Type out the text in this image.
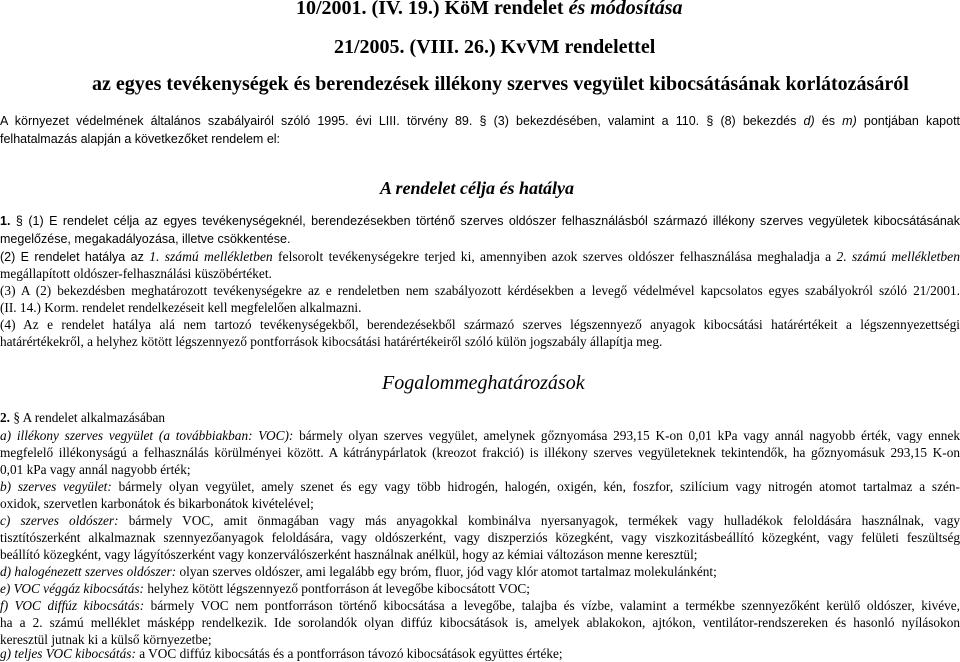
10/2001. (IV. 19.) KöM rendelet és módosítása
21/2005. (VIII. 26.) KvVM rendelettel
az egyes tevékenységek és berendezések illékony szerves vegyület kibocsátásának korlátozásáról
A környezet védelmének általános szabályairól szóló 1995. évi LIII. törvény 89. § (3) bekezdésében, valamint a 110. § (8) bekezdés d) és m) pontjában kapott
felhatalmazás alapján a következőket rendelem el:
A rendelet célja és hatálya
1. § (1) E rendelet célja az egyes tevékenységeknél, berendezésekben történő szerves oldószer felhasználásból származó illékony szerves vegyületek kibocsátásának
megelőzése, megakadályozása, illetve csökkentése.
(2) E rendelet hatálya az 1. számú mellékletben felsorolt tevékenységekre terjed ki, amennyiben azok szerves oldószer felhasználása meghaladja a 2. számú mellékletben
megállapított oldószer-felhasználási küszöbértéket.
(3) A (2) bekezdésben meghatározott tevékenységekre az e rendeletben nem szabályozott kérdésekben a levegő védelmével kapcsolatos egyes szabályokról szóló 21/2001.
(II. 14.) Korm. rendelet rendelkezéseit kell megfelelően alkalmazni.
(4) Az e rendelet hatálya alá nem tartozó tevékenységekből, berendezésekből származó szerves légszennyező anyagok kibocsátási határértékeit a légszennyezettségi
határértékekről, a helyhez kötött légszennyező pontforrások kibocsátási határértékeiről szóló külön jogszabály állapítja meg.
Fogalommeghatározások
2. § A rendelet alkalmazásában
a) illékony szerves vegyület (a továbbiakban: VOC): bármely olyan szerves vegyület, amelynek gőznyomása 293,15 K-on 0,01 kPa vagy annál nagyobb érték, vagy ennek
megfelelő illékonyságú a felhasználás körülményei között. A kátránypárlatok (kreozot frakció) is illékony szerves vegyületeknek tekintendők, ha gőznyomásuk 293,15 K-on
0,01 kPa vagy annál nagyobb érték;
b) szerves vegyület: bármely olyan vegyület, amely szenet és egy vagy több hidrogén, halogén, oxigén, kén, foszfor, szilícium vagy nitrogén atomot tartalmaz a szén-
oxidok, szervetlen karbonátok és bikarbonátok kivételével;
c) szerves oldószer: bármely VOC, amit önmagában vagy más anyagokkal kombinálva nyersanyagok, termékek vagy hulladékok feloldására használnak, vagy
tisztítószerként alkalmaznak szennyezőanyagok feloldására, vagy oldószerként, vagy diszperziós közegként, vagy viszkozitásbeállító közegként, vagy felületi feszültség
beállító közegként, vagy lágyítószerként vagy konzerválószerként használnak anélkül, hogy az kémiai változáson menne keresztül;
d) halogénezett szerves oldószer: olyan szerves oldószer, ami legalább egy bróm, fluor, jód vagy klór atomot tartalmaz molekulánként;
e) VOC véggáz kibocsátás: helyhez kötött légszennyező pontforráson át levegőbe kibocsátott VOC;
f) VOC diffúz kibocsátás: bármely VOC nem pontforráson történő kibocsátása a levegőbe, talajba és vízbe, valamint a termékbe szennyezőként kerülő oldószer, kivéve,
ha a 2. számú melléklet másképp rendelkezik. Ide sorolandók olyan diffúz kibocsátások is, amelyek ablakokon, ajtókon, ventilátor-rendszereken és hasonló nyílásokon
keresztül jutnak ki a külső környezetbe;
g) teljes VOC kibocsátás: a VOC diffúz kibocsátás és a pontforráson távozó kibocsátások együttes értéke;
